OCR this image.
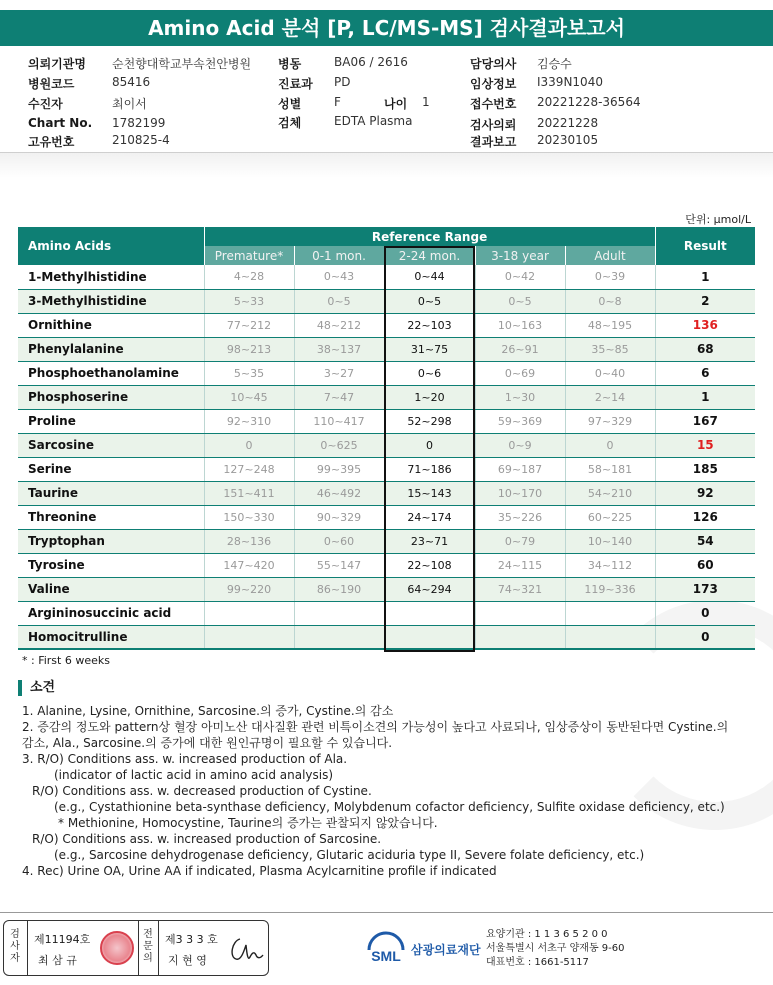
Amino Acid 분석 [P, LC/MS-MS] 검사결과보고서
의뢰기관명 순천향대학교부속천안병원
병원코드	85416
수진자	최이서
Chart No. 1782199
고유번호	210825-4
병동	BA06 / 2616
진료과 PD
성별	F	나이 1
검체	EDTA Plasma
담당의사 김승수
임상정보 I339N1040
접수번호 20221228-36564
검사의뢰 20221228
결과보고 20230105
단위: μmol/L
Amino Acids	Reference Range					Result
	Premature*	0-1 mon.	2-24 mon.	3-18 year	Adult	
1-Methylhistidine	4~28	0~43	0~44	0~42	0~39	1
3-Methylhistidine	5~33	0~5	0~5	0~5	0~8	2
Ornithine	77~212	48~212	22~103	10~163	48~195	136
Phenylalanine	98~213	38~137	31~75	26~91	35~85	68
Phosphoethanolamine	5~35	3~27	0~6	0~69	0~40	6
Phosphoserine	10~45	7~47	1~20	1~30	2~14	1
Proline	92~310	110~417	52~298	59~369	97~329	167
Sarcosine	0	0~625	0	0~9	0	15
Serine	127~248	99~395	71~186	69~187	58~181	185
Taurine	151~411	46~492	15~143	10~170	54~210	92
Threonine	150~330	90~329	24~174	35~226	60~225	126
Tryptophan	28~136	0~60	23~71	0~79	10~140	54
Tyrosine	147~420	55~147	22~108	24~115	34~112	60
Valine	99~220	86~190	64~294	74~321	119~336	173
Argininosuccinic acid						0
Homocitrulline						0
* : First 6 weeks
소견
1. Alanine, Lysine, Ornithine, Sarcosine.의 증가, Cystine.의 감소
2. 증감의 정도와 pattern상 혈장 아미노산 대사질환 관련 비특이소견의 가능성이 높다고 사료되나, 임상증상이 동반된다면 Cystine.의
감소, Ala., Sarcosine.의 증가에 대한 원인규명이 필요할 수 있습니다.
3. R/O) Conditions ass. w. increased production of Ala.
(indicator of lactic acid in amino acid analysis)
R/O) Conditions ass. w. decreased production of Cystine.
(e.g., Cystathionine beta-synthase deficiency, Molybdenum cofactor deficiency, Sulfite oxidase deficiency, etc.)
* Methionine, Homocystine, Taurine의 증가는 관찰되지 않았습니다.
R/O) Conditions ass. w. increased production of Sarcosine.
(e.g., Sarcosine dehydrogenase deficiency, Glutaric aciduria type II, Severe folate deficiency, etc.)
4. Rec) Urine OA, Urine AA if indicated, Plasma Acylcarnitine profile if indicated
검사자
제11194호
최 삼 규
전문의
제3 3 3 호
지 현 영	SML 삼광의료재단
요양기관 : 1 1 3 6 5 2 0 0
서울특별시 서초구 양재동 9-60
대표번호 : 1661-5117
